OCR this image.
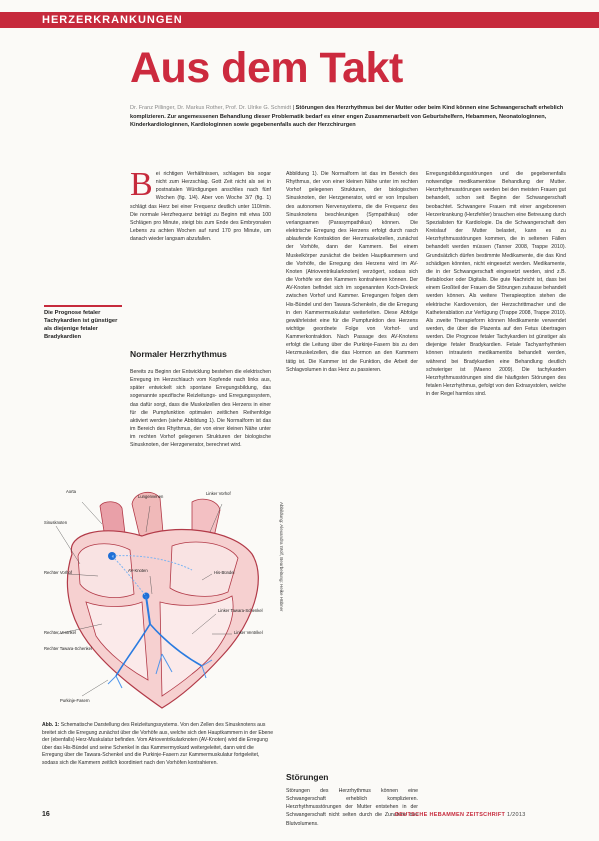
HERZERKRANKUNGEN
Aus dem Takt
Dr. Franz Pillinger, Dr. Markus Rother, Prof. Dr. Ulrike G. Schmidt | Störungen des Herzrhythmus bei der Mutter oder beim Kind können eine Schwangerschaft erheblich komplizieren. Zur angemessenen Behandlung dieser Problematik bedarf es einer engen Zusammenarbeit von Geburtshelfern, Hebammen, Neonatologinnen, Kinderkardiologinnen, Kardiologinnen sowie gegebenenfalls auch der Herzchirurgen
Die Prognose fetaler Tachykardien ist günstiger als diejenige fetaler Bradykardien
B ei richtigen Verhältnissen, schlagen bis sogar nicht zum Herzschlag. Gott Zeit nicht als sei in postnatalen Würdigungen anschlies nach fünf Wochen (fig. 1/4). Aber von Woche 3/7 (fig. 1) schlägt das Herz bei einer Frequenz deutlich unter 110/min. Die normale Herzfrequenz beträgt zu Beginn mit etwa 100 Schlägen pro Minute, steigt bis zum Ende des Embryonalen Lebens zu achten Wochen auf rund 170 pro Minute, um danach wieder langsam abzufallen.
Normaler Herzrhythmus
Bereits zu Beginn der Entwicklung bestehen die elektrischen Erregung im Herzschlauch vom Kopfende nach links aus, später entwickelt sich spontane Erregungsbildung, das sogenannte spezifische Reizleitungs- und Erregungssystem, das dafür sorgt, dass die Muskelzellen des Herzens in einer für die Pumpfunktion optimalen zeitlichen Reihenfolge aktiviert werden (siehe Abbildung 1). Die Normalform ist das im Bereich des Rhythmus, der von einer kleinen Nähe unter im rechten Vorhof gelegenen Strukturen der biologische Sinusknoten, der Herzgenerator, berechnet wird.
Abbildung 1). Die Normalform ist das im Bereich des Rhythmus, der von einer kleinen Nähe unter im rechten Vorhof gelegenen Strukturen, der biologischen Sinusknoten, der Herzgenerator, wird er von Impulsen des autonomen Nervensystems, die die Frequenz des Sinusknotens beschleunigen (Sympathikus) oder verlangsamen (Parasympathikus) können. Die elektrische Erregung des Herzens erfolgt durch rasch ablaufende Kontraktion der Herzmuskelzellen, zunächst der Vorhöfe, dann der Kammern. Bei einem Muskelkörper zunächst die beiden Hauptkammern und die Vorhöfe, die Erregung des Herzens wird im AV-Knoten (Atrioventrikularknoten) verzögert, sodass sich die Vorhöfe vor den Kammern kontrahieren können. Der AV-Knoten befindet sich im sogenannten Koch-Dreieck zwischen Vorhof und Kammer. Erregungen folgen dem His-Bündel und den Tawara-Schenkeln, die die Erregung in den Kammermuskulatur weiterleiten. Diese Abfolge gewährleistet eine für die Pumpfunktion des Herzens wichtige geordnete Folge von Vorhof- und Kammerkontraktion. Nach Passage des AV-Knotens erfolgt die Leitung über die Purkinje-Fasern bis zu den Herzmuskelzellen, die das Hormon an den Kammern tätig ist. Die Kammer ist die Funktion, die Arbeit der Schlagvolumen in das Herz zu passieren.
Störungen
Störungen des Herzrhythmus können eine Schwangerschaft erheblich komplizieren. Herzrhythmusstörungen der Mutter entstehen in der Schwangerschaft nicht selten durch die Zunahme des Blutvolumens.
Erregungsbildungsstörungen und die gegebenenfalls notwendige medikamentöse Behandlung der Mutter. Herzrhythmusstörungen werden bei den meisten Frauen gut behandelt, schon seit Beginn der Schwangerschaft beobachtet. Schwangere Frauen mit einer angeborenen Herzerkrankung (Herzfehler) brauchen eine Betreuung durch Spezialisten für Kardiologie. Da die Schwangerschaft den Kreislauf der Mutter belastet, kann es zu Herzrhythmusstörungen kommen, die in seltenen Fällen behandelt werden müssen (Tanner 2008, Trappe 2010). Grundsätzlich dürfen bestimmte Medikamente, die das Kind schädigen könnten, nicht eingesetzt werden. Medikamente, die in der Schwangerschaft eingesetzt werden, sind z.B. Betablocker oder Digitalis. Die gute Nachricht ist, dass bei einem Großteil der Frauen die Störungen zuhause behandelt werden können. Als weitere Therapieoption stehen die elektrische Kardioversion, der Herzschrittmacher und die Katheterablation zur Verfügung (Trappe 2008, Trappe 2010). Als zweite Therapieform können Medikamente verwendet werden, die über die Plazenta auf den Fetus übertragen werden. Die Prognose fetaler Tachykardien ist günstiger als diejenige fetaler Bradykardien. Fetale Tachyarrhythmien können intrauterin medikamentös behandelt werden, während bei Bradykardien eine Behandlung deutlich schwieriger ist (Maeno 2009). Die tachykarden Herzrhythmusstörungen sind die häufigsten Störungen des fetalen Herzrhythmus, gefolgt von den Extrasystolen, welche in der Regel harmlos sind.
Aorta
Lungenvenen
Linker Vorhof
Sinusknoten
Rechter Vorhof	AV-Knoten	His-Bündel
Rechter Ventrikel
Linker Tawara-Schenkel
Linker Ventrikel
Rechter Tawara-Schenkel
Purkinje-Fasern
Abbildung: Alexandra Wolf, Bearbeitung: Heike Hübner
Abb. 1: Schematische Darstellung des Reizleitungssystems. Von den Zellen des Sinusknotens aus breitet sich die Erregung zunächst über die Vorhöfe aus, welche sich den Hauptkammern in der Ebene der (ebenfalls) Herz-Muskulatur befinden. Vom Atrioventrikularknoten (AV-Knoten) wird die Erregung über das His-Bündel und seine Schenkel in das Kammermyokard weitergeleitet, dann wird die Erregung über die Tawara-Schenkel und die Purkinje-Fasern zur Kammermuskulatur fortgeleitet, sodass sich die Kammern zeitlich koordiniert nach den Vorhöfen kontrahieren.
16	DEUTSCHE HEBAMMEN ZEITSCHRIFT 1/2013
